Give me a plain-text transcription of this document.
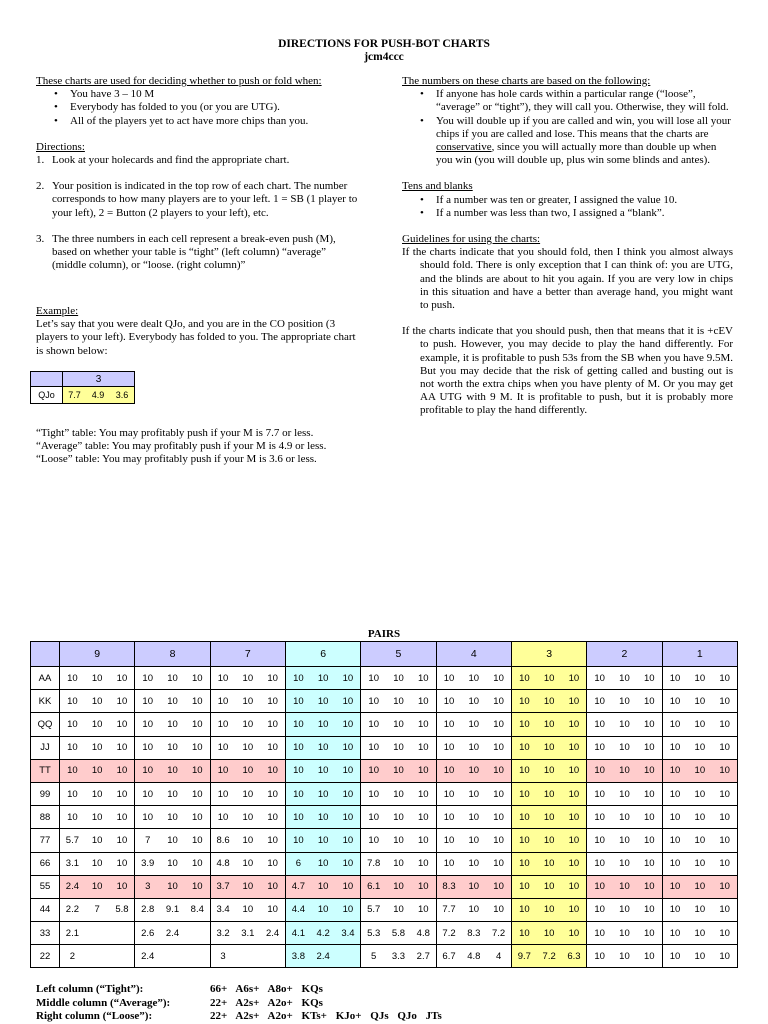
DIRECTIONS FOR PUSH-BOT CHARTS
jcm4ccc

These charts are used for deciding whether to push or fold when:

• You have 3 – 10 M
• Everybody has folded to you (or you are UTG).
• All of the players yet to act have more chips than you.

Directions:

1. Look at your holecards and find the appropriate chart.
2. Your position is indicated in the top row of each chart. The number corresponds to how many players are to your left. 1 = SB (1 player to your left), 2 = Button (2 players to your left), etc.
3. The three numbers in each cell represent a break-even push (M), based on whether your table is “tight” (left column) “average” (middle column), or “loose. (right column)”

Example:

Let’s say that you were dealt QJo, and you are in the CO position (3 players to your left). Everybody has folded to you. The appropriate chart is shown below:

	3		
QJo	7.7	4.9	3.6

“Tight” table: You may profitably push if your M is 7.7 or less.

“Average” table: You may profitably push if your M is 4.9 or less.

“Loose” table: You may profitably push if your M is 3.6 or less.

The numbers on these charts are based on the following:

• If anyone has hole cards within a particular range (“loose”, “average” or “tight”), they will call you. Otherwise, they will fold.
• You will double up if you are called and win, you will lose all your chips if you are called and lose. This means that the charts are conservative, since you will actually more than double up when you win (you will double up, plus win some blinds and antes).

Tens and blanks

• If a number was ten or greater, I assigned the value 10.
• If a number was less than two, I assigned a “blank”.

Guidelines for using the charts:

If the charts indicate that you should fold, then I think you almost always should fold. There is only exception that I can think of: you are UTG, and the blinds are about to hit you again. If you are very low in chips in this situation and have a better than average hand, you might want to push.

If the charts indicate that you should push, then that means that it is +cEV to push. However, you may decide to play the hand differently. For example, it is profitable to push 53s from the SB when you have 9.5M. But you may decide that the risk of getting called and busting out is not worth the extra chips when you have plenty of M. Or you may get AA UTG with 9 M. It is profitable to push, but it is probably more profitable to play the hand differently.

PAIRS
	9	8	7	6	5	4	3	2	1
AA	10 10 10	10 10 10	10 10 10	10 10 10	10 10 10	10 10 10	10 10 10	10 10 10	10 10 10

KK	10 10 10	10 10 10	10 10 10	10 10 10	10 10 10	10 10 10	10 10 10	10 10 10	10 10 10

QQ	10 10 10	10 10 10	10 10 10	10 10 10	10 10 10	10 10 10	10 10 10	10 10 10	10 10 10

JJ	10 10 10	10 10 10	10 10 10	10 10 10	10 10 10	10 10 10	10 10 10	10 10 10	10 10 10

TT	10 10 10	10 10 10	10 10 10	10 10 10	10 10 10	10 10 10	10 10 10	10 10 10	10 10 10

99	10 10 10	10 10 10	10 10 10	10 10 10	10 10 10	10 10 10	10 10 10	10 10 10	10 10 10

88	10 10 10	10 10 10	10 10 10	10 10 10	10 10 10	10 10 10	10 10 10	10 10 10	10 10 10

77	5.7 10 10	7 10 10	8.6 10 10	10 10 10	10 10 10	10 10 10	10 10 10	10 10 10	10 10 10

66	3.1 10 10	3.9 10 10	4.8 10 10	6 10 10	7.8 10 10	10 10 10	10 10 10	10 10 10	10 10 10

55	2.4 10 10	3 10 10	3.7 10 10	4.7 10 10	6.1 10 10	8.3 10 10	10 10 10	10 10 10	10 10 10

44	2.2 7 5.8	2.8 9.1 8.4	3.4 10 10	4.4 10 10	5.7 10 10	7.7 10 10	10 10 10	10 10 10	10 10 10

33	2.1	2.6 2.4	3.2 3.1 2.4	4.1 4.2 3.4	5.3 5.8 4.8	7.2 8.3 7.2	10 10 10	10 10 10	10 10 10

22	2	2.4	3	3.8 2.4	5 3.3 2.7	6.7 4.8 4	9.7 7.2 6.3	10 10 10	10 10 10
Left column (“Tight”):	66+ A6s+ A8o+ KQs
Middle column (“Average”):	22+ A2s+ A2o+ KQs
Right column (“Loose”):	22+ A2s+ A2o+ KTs+ KJo+ QJs QJo JTs
